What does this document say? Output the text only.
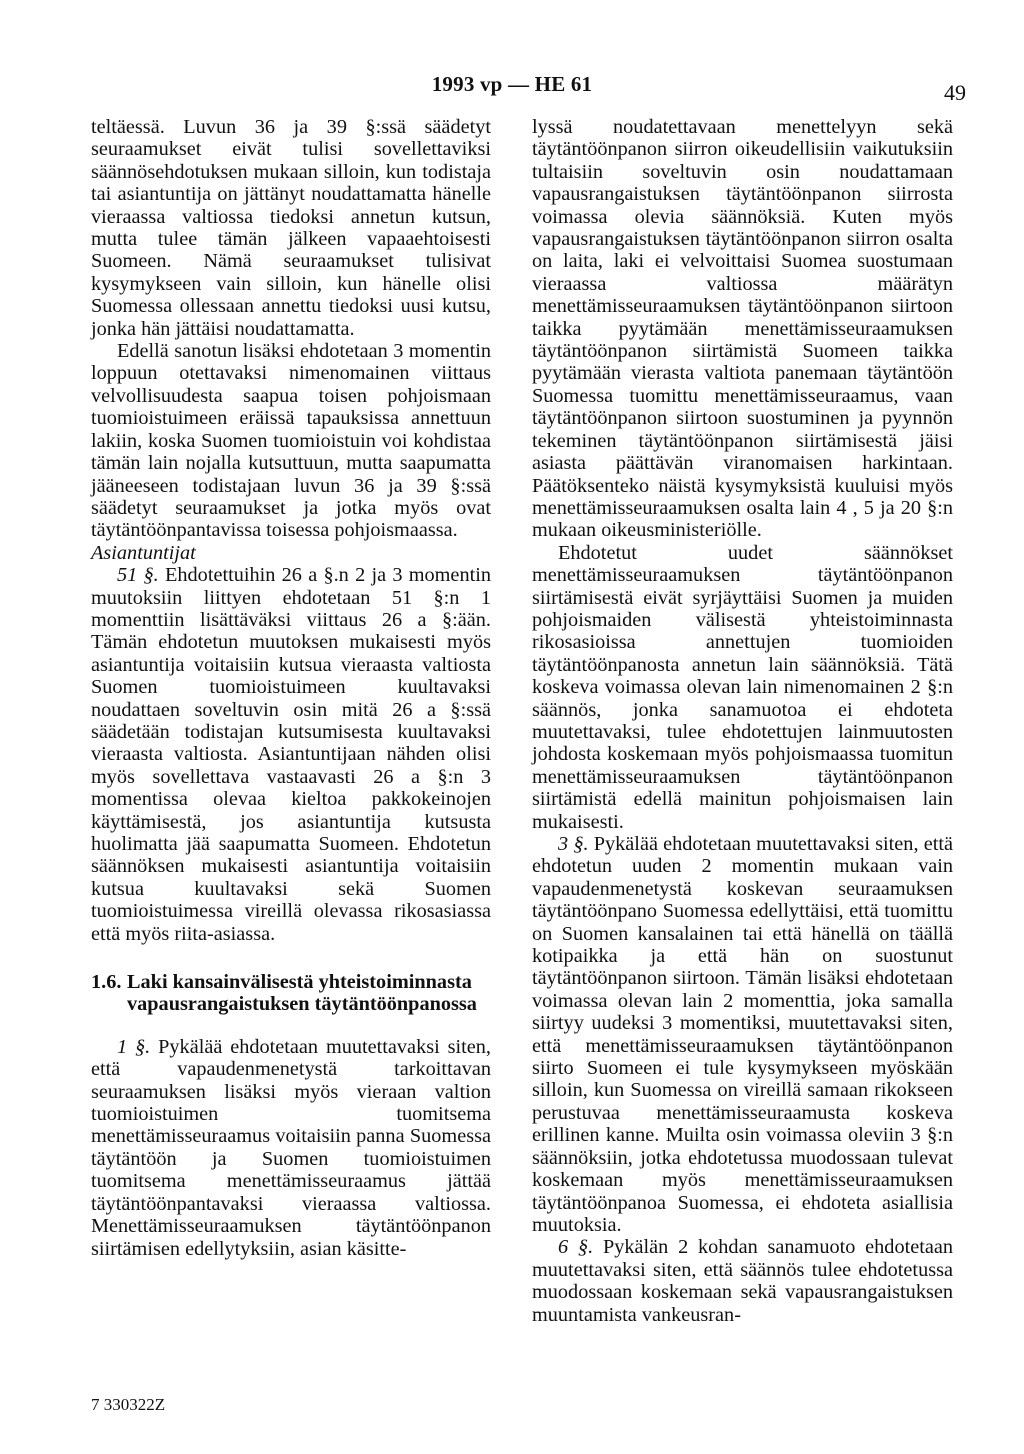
1993 vp — HE 61	49

teltäessä. Luvun 36 ja 39 §:ssä säädetyt seuraamukset eivät tulisi sovellettaviksi säännösehdotuksen mukaan silloin, kun todistaja tai asiantuntija on jättänyt noudattamatta hänelle vieraassa valtiossa tiedoksi annetun kutsun, mutta tulee tämän jälkeen vapaaehtoisesti Suomeen. Nämä seuraamukset tulisivat kysymykseen vain silloin, kun hänelle olisi Suomessa ollessaan annettu tiedoksi uusi kutsu, jonka hän jättäisi noudattamatta.

Edellä sanotun lisäksi ehdotetaan 3 momentin loppuun otettavaksi nimenomainen viittaus velvollisuudesta saapua toisen pohjoismaan tuomioistuimeen eräissä tapauksissa annettuun lakiin, koska Suomen tuomioistuin voi kohdistaa tämän lain nojalla kutsuttuun, mutta saapumatta jääneeseen todistajaan luvun 36 ja 39 §:ssä säädetyt seuraamukset ja jotka myös ovat täytäntöönpantavissa toisessa pohjoismaassa.

Asiantuntijat

51 §. Ehdotettuihin 26 a §.n 2 ja 3 momentin muutoksiin liittyen ehdotetaan 51 §:n 1 momenttiin lisättäväksi viittaus 26 a §:ään. Tämän ehdotetun muutoksen mukaisesti myös asiantuntija voitaisiin kutsua vieraasta valtiosta Suomen tuomioistuimeen kuultavaksi noudattaen soveltuvin osin mitä 26 a §:ssä säädetään todistajan kutsumisesta kuultavaksi vieraasta valtiosta. Asiantuntijaan nähden olisi myös sovellettava vastaavasti 26 a §:n 3 momentissa olevaa kieltoa pakkokeinojen käyttämisestä, jos asiantuntija kutsusta huolimatta jää saapumatta Suomeen. Ehdotetun säännöksen mukaisesti asiantuntija voitaisiin kutsua kuultavaksi sekä Suomen tuomioistuimessa vireillä olevassa rikosasiassa että myös riita-asiassa.

1.6. Laki kansainvälisestä yhteistoiminnasta vapausrangaistuksen täytäntöönpanossa

1 §. Pykälää ehdotetaan muutettavaksi siten, että vapaudenmenetystä tarkoittavan seuraamuksen lisäksi myös vieraan valtion tuomioistuimen tuomitsema menettämisseuraamus voitaisiin panna Suomessa täytäntöön ja Suomen tuomioistuimen tuomitsema menettämisseuraamus jättää täytäntöönpantavaksi vieraassa valtiossa. Menettämisseuraamuksen täytäntöönpanon siirtämisen edellytyksiin, asian käsitte-

lyssä noudatettavaan menettelyyn sekä täytäntöönpanon siirron oikeudellisiin vaikutuksiin tultaisiin soveltuvin osin noudattamaan vapausrangaistuksen täytäntöönpanon siirrosta voimassa olevia säännöksiä. Kuten myös vapausrangaistuksen täytäntöönpanon siirron osalta on laita, laki ei velvoittaisi Suomea suostumaan vieraassa valtiossa määrätyn menettämisseuraamuksen täytäntöönpanon siirtoon taikka pyytämään menettämisseuraamuksen täytäntöönpanon siirtämistä Suomeen taikka pyytämään vierasta valtiota panemaan täytäntöön Suomessa tuomittu menettämisseuraamus, vaan täytäntöönpanon siirtoon suostuminen ja pyynnön tekeminen täytäntöönpanon siirtämisestä jäisi asiasta päättävän viranomaisen harkintaan. Päätöksenteko näistä kysymyksistä kuuluisi myös menettämisseuraamuksen osalta lain 4 , 5 ja 20 §:n mukaan oikeusministeriölle.

Ehdotetut uudet säännökset menettämisseuraamuksen täytäntöönpanon siirtämisestä eivät syrjäyttäisi Suomen ja muiden pohjoismaiden välisestä yhteistoiminnasta rikosasioissa annettujen tuomioiden täytäntöönpanosta annetun lain säännöksiä. Tätä koskeva voimassa olevan lain nimenomainen 2 §:n säännös, jonka sanamuotoa ei ehdoteta muutettavaksi, tulee ehdotettujen lainmuutosten johdosta koskemaan myös pohjoismaassa tuomitun menettämisseuraamuksen täytäntöönpanon siirtämistä edellä mainitun pohjoismaisen lain mukaisesti.

3 §. Pykälää ehdotetaan muutettavaksi siten, että ehdotetun uuden 2 momentin mukaan vain vapaudenmenetystä koskevan seuraamuksen täytäntöönpano Suomessa edellyttäisi, että tuomittu on Suomen kansalainen tai että hänellä on täällä kotipaikka ja että hän on suostunut täytäntöönpanon siirtoon. Tämän lisäksi ehdotetaan voimassa olevan lain 2 momenttia, joka samalla siirtyy uudeksi 3 momentiksi, muutettavaksi siten, että menettämisseuraamuksen täytäntöönpanon siirto Suomeen ei tule kysymykseen myöskään silloin, kun Suomessa on vireillä samaan rikokseen perustuvaa menettämisseuraamusta koskeva erillinen kanne. Muilta osin voimassa oleviin 3 §:n säännöksiin, jotka ehdotetussa muodossaan tulevat koskemaan myös menettämisseuraamuksen täytäntöönpanoa Suomessa, ei ehdoteta asiallisia muutoksia.

6 §. Pykälän 2 kohdan sanamuoto ehdotetaan muutettavaksi siten, että säännös tulee ehdotetussa muodossaan koskemaan sekä vapausrangaistuksen muuntamista vankeusran-

7 330322Z
